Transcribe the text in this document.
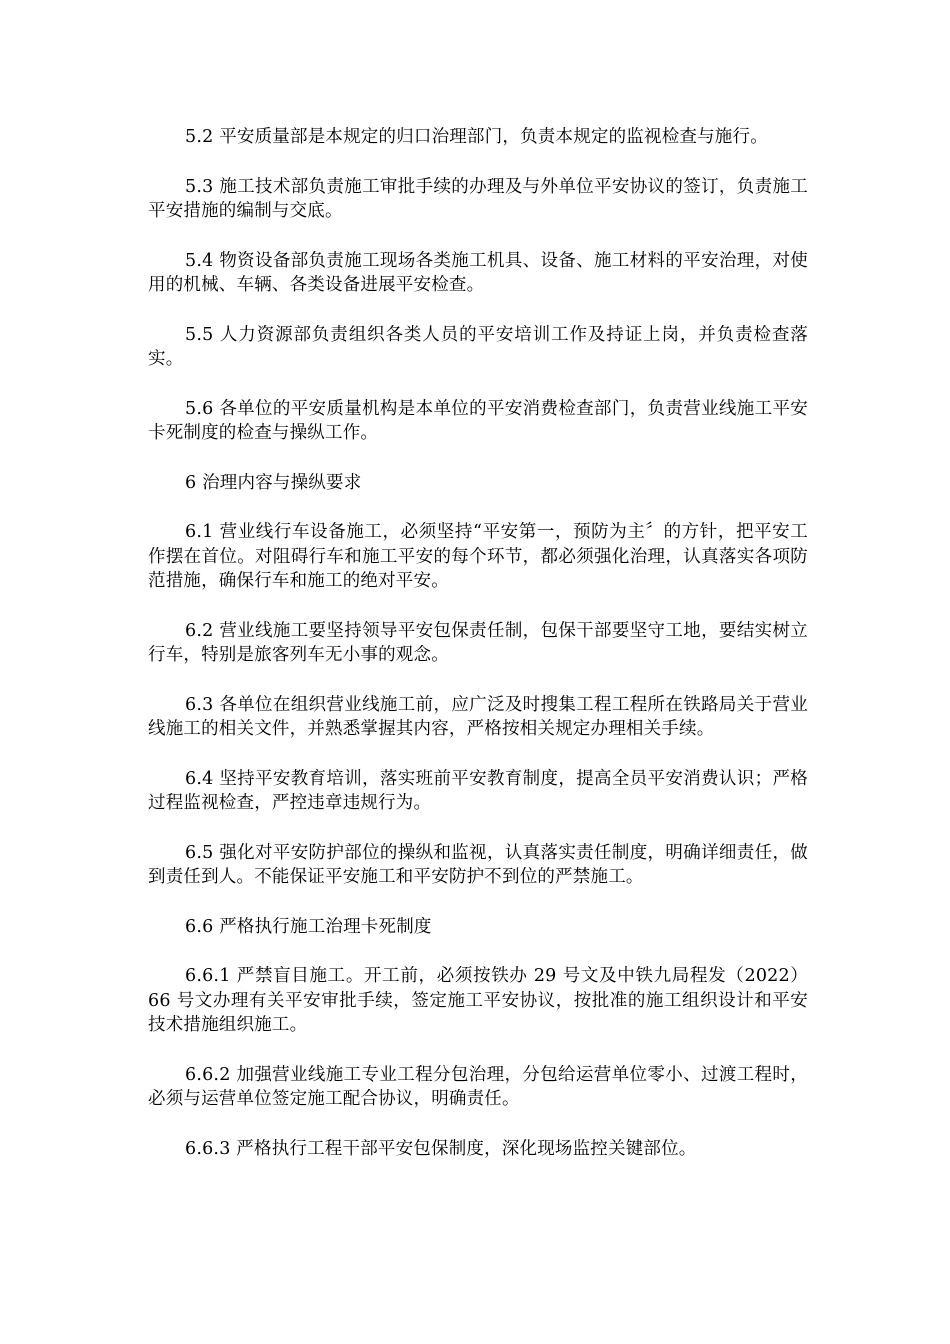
5.2 平安质量部是本规定的归口治理部门，负责本规定的监视检查与施行。

5.3 施工技术部负责施工审批手续的办理及与外单位平安协议的签订，负责施工平安措施的编制与交底。

5.4 物资设备部负责施工现场各类施工机具、设备、施工材料的平安治理，对使用的机械、车辆、各类设备进展平安检查。

5.5 人力资源部负责组织各类人员的平安培训工作及持证上岗，并负责检查落实。

5.6 各单位的平安质量机构是本单位的平安消费检查部门，负责营业线施工平安卡死制度的检查与操纵工作。

6 治理内容与操纵要求

6.1 营业线行车设备施工，必须坚持“平安第一，预防为主〞的方针，把平安工作摆在首位。对阻碍行车和施工平安的每个环节，都必须强化治理，认真落实各项防范措施，确保行车和施工的绝对平安。

6.2 营业线施工要坚持领导平安包保责任制，包保干部要坚守工地，要结实树立行车，特别是旅客列车无小事的观念。

6.3 各单位在组织营业线施工前，应广泛及时搜集工程工程所在铁路局关于营业线施工的相关文件，并熟悉掌握其内容，严格按相关规定办理相关手续。

6.4 坚持平安教育培训，落实班前平安教育制度，提高全员平安消费认识；严格过程监视检查，严控违章违规行为。

6.5 强化对平安防护部位的操纵和监视，认真落实责任制度，明确详细责任，做到责任到人。不能保证平安施工和平安防护不到位的严禁施工。

6.6 严格执行施工治理卡死制度

6.6.1 严禁盲目施工。开工前，必须按铁办 29 号文及中铁九局程发（2022）66 号文办理有关平安审批手续，签定施工平安协议，按批准的施工组织设计和平安技术措施组织施工。

6.6.2 加强营业线施工专业工程分包治理，分包给运营单位零小、过渡工程时，必须与运营单位签定施工配合协议，明确责任。

6.6.3 严格执行工程干部平安包保制度，深化现场监控关键部位。
